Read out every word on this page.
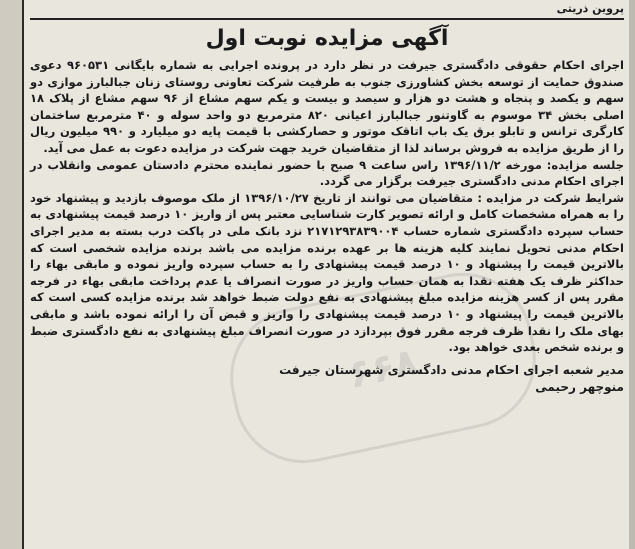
۶۶۸

پروین ذریتی

آگهی مزایده نوبت اول

اجرای احکام حقوقی دادگستری جیرفت در نظر دارد در پرونده اجرایی به شماره بایگانی ۹۶۰۵۳۱ دعوی صندوق حمایت از توسعه بخش کشاورزی جنوب به طرفیت شرکت تعاونی روستای زنان جبالبارز موازی دو سهم و یکصد و پنجاه و هشت دو هزار و سیصد و بیست و یکم سهم مشاع از ۹۶ سهم مشاع از پلاک ۱۸ اصلی بخش ۳۴ موسوم به گاوتنور جبالبارز اعیانی ۸۲۰ مترمربع دو واحد سوله و ۴۰ مترمربع ساختمان کارگری ترانس و تابلو برق یک باب اتاقک موتور و حصارکشی با قیمت پایه دو میلیارد و ۹۹۰ میلیون ریال را از طریق مزایده به فروش برساند لذا از متقاضیان خرید جهت شرکت در مزایده دعوت به عمل می آید.

جلسه مزایده: مورخه ۱۳۹۶/۱۱/۲ راس ساعت ۹ صبح با حضور نماینده محترم دادستان عمومی وانقلاب در اجرای احکام مدنی دادگستری جیرفت برگزار می گردد.

شرایط شرکت در مزایده : متقاضیان می توانند از تاریخ ۱۳۹۶/۱۰/۲۷ از ملک موصوف بازدید و پیشنهاد خود را به همراه مشخصات کامل و ارائه تصویر کارت شناسایی معتبر پس از واریز ۱۰ درصد قیمت پیشنهادی به حساب سپرده دادگستری شماره حساب ۲۱۷۱۲۹۳۸۳۹۰۰۴ نزد بانک ملی در پاکت درب بسته به مدیر اجرای احکام مدنی تحویل نمایند کلیه هزینه ها بر عهده برنده مزایده می باشد برنده مزایده شخصی است که بالاترین قیمت را پیشنهاد و ۱۰ درصد قیمت پیشنهادی را به حساب سپرده واریز نموده و مابقی بهاء را حداکثر ظرف یک هفته نقدا به همان حساب واریز در صورت انصراف یا عدم پرداخت مابقی بهاء در فرجه مقرر پس از کسر هزینه مزایده مبلغ پیشنهادی به نفع دولت ضبط خواهد شد برنده مزایده کسی است که بالاترین قیمت را پیشنهاد و ۱۰ درصد قیمت پیشنهادی را واریز و قبض آن را ارائه نموده باشد و مابقی بهای ملک را نقدا ظرف فرجه مقرر فوق بپردازد در صورت انصراف مبلغ پیشنهادی به نفع دادگستری ضبط و برنده شخص بعدی خواهد بود.

مدیر شعبه اجرای احکام مدنی دادگستری شهرستان جیرفت

منوچهر رحیمی
